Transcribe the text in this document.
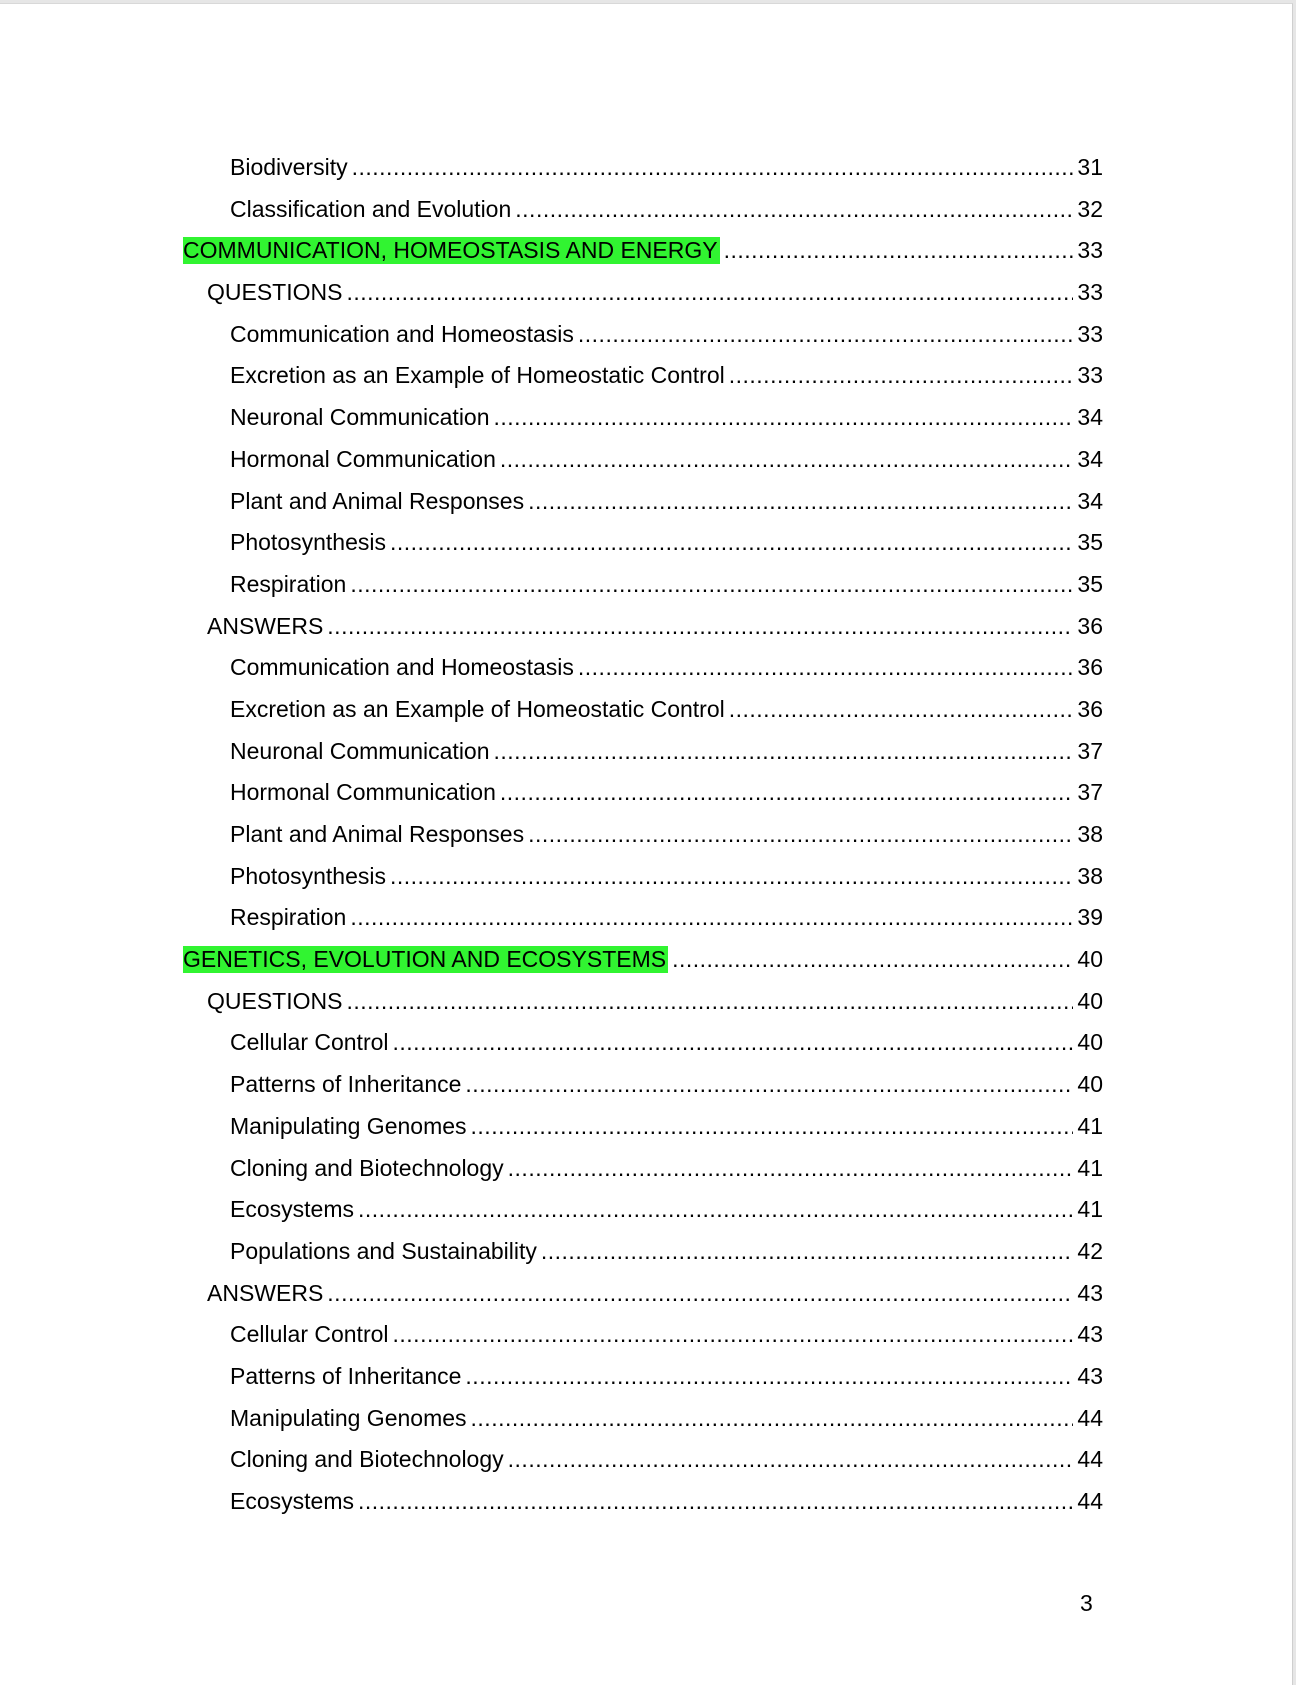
Biodiversity .....	31
Classification and Evolution .....	32
COMMUNICATION, HOMEOSTASIS AND ENERGY .....	33
QUESTIONS .....	33
Communication and Homeostasis .....	33
Excretion as an Example of Homeostatic Control .....	33
Neuronal Communication .....	34
Hormonal Communication .....	34
Plant and Animal Responses .....	34
Photosynthesis .....	35
Respiration .....	35
ANSWERS .....	36
Communication and Homeostasis .....	36
Excretion as an Example of Homeostatic Control .....	36
Neuronal Communication .....	37
Hormonal Communication .....	37
Plant and Animal Responses .....	38
Photosynthesis .....	38
Respiration .....	39
GENETICS, EVOLUTION AND ECOSYSTEMS .....	40
QUESTIONS .....	40
Cellular Control .....	40
Patterns of Inheritance .....	40
Manipulating Genomes .....	41
Cloning and Biotechnology .....	41
Ecosystems .....	41
Populations and Sustainability .....	42
ANSWERS .....	43
Cellular Control .....	43
Patterns of Inheritance .....	43
Manipulating Genomes .....	44
Cloning and Biotechnology .....	44
Ecosystems .....	44
3
